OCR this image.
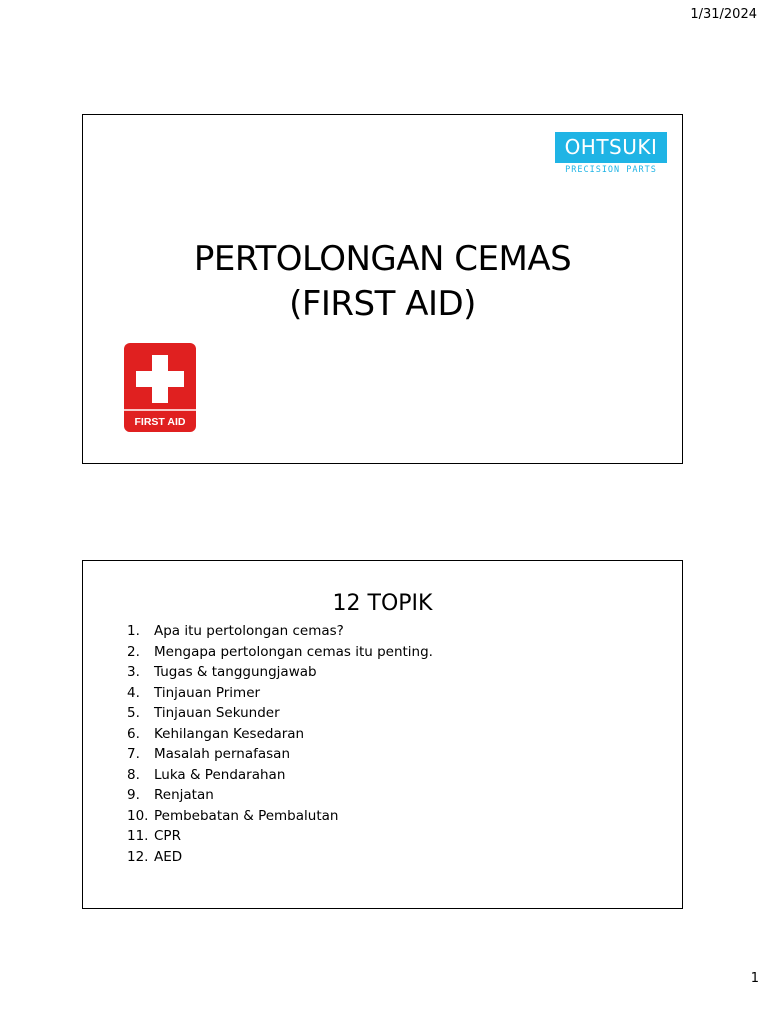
1/31/2024
OHTSUKI
PRECISION PARTS
PERTOLONGAN CEMAS
(FIRST AID)
FIRST AID
12 TOPIK
1. Apa itu pertolongan cemas?
2. Mengapa pertolongan cemas itu penting.
3. Tugas & tanggungjawab
4. Tinjauan Primer
5. Tinjauan Sekunder
6. Kehilangan Kesedaran
7. Masalah pernafasan
8. Luka & Pendarahan
9. Renjatan
10. Pembebatan & Pembalutan
11. CPR
12. AED
1
